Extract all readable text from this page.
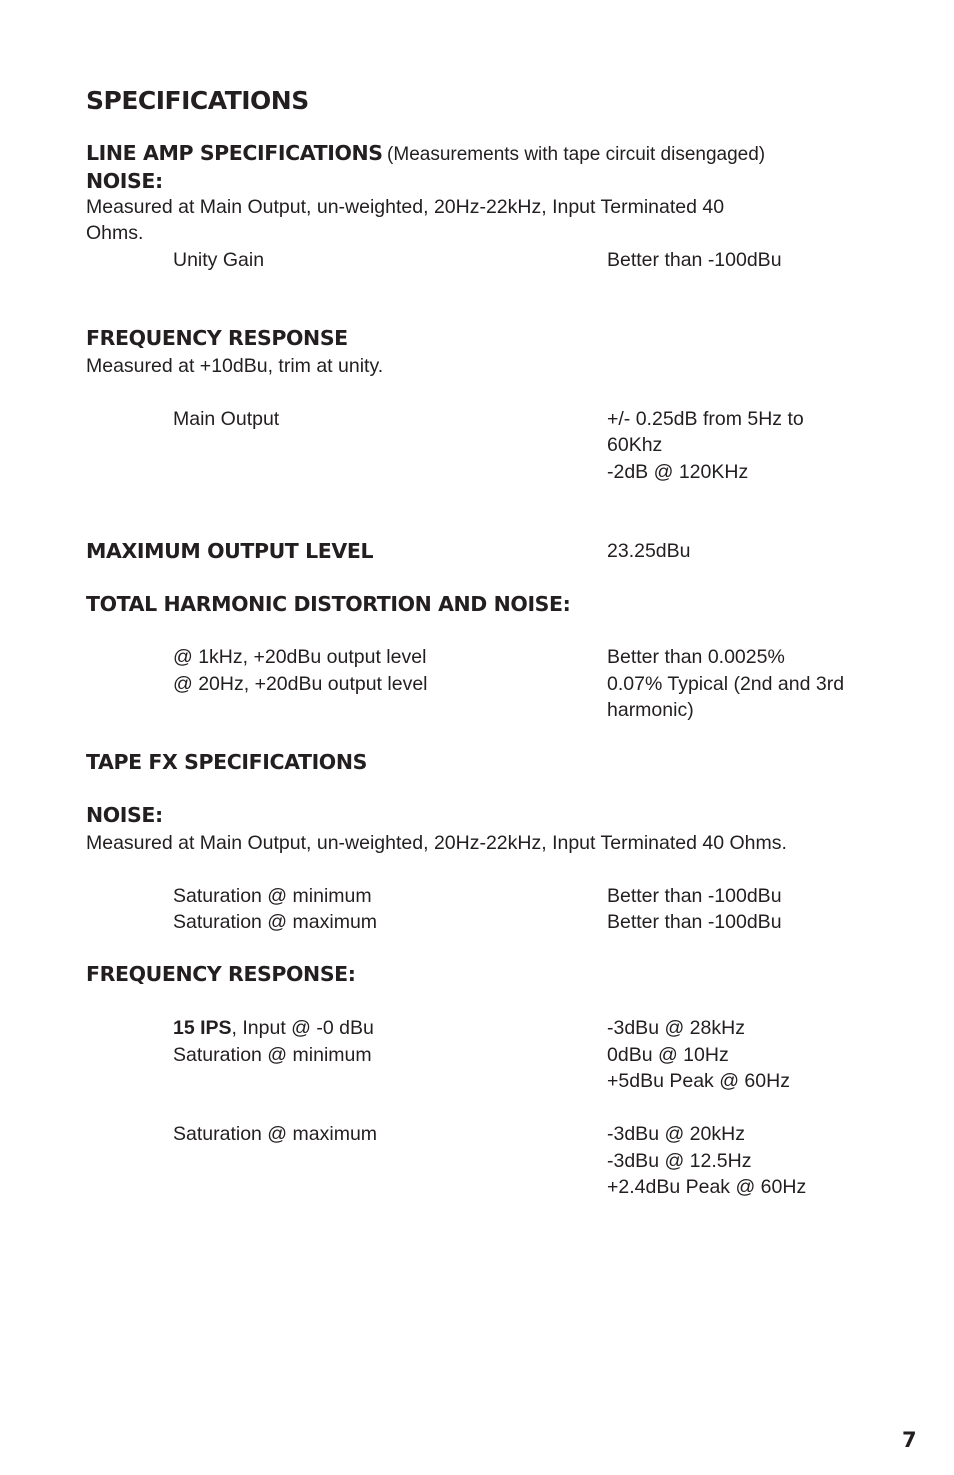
SPECIFICATIONS
LINE AMP SPECIFICATIONS (Measurements with tape circuit disengaged)
NOISE:
Measured at Main Output, un-weighted, 20Hz-22kHz, Input Terminated 40
Ohms.
Unity Gain	Better than -100dBu
FREQUENCY RESPONSE
Measured at +10dBu, trim at unity.
Main Output	+/- 0.25dB from 5Hz to
60Khz
-2dB @ 120KHz
MAXIMUM OUTPUT LEVEL	23.25dBu
TOTAL HARMONIC DISTORTION AND NOISE:
@ 1kHz, +20dBu output level	Better than 0.0025%
@ 20Hz, +20dBu output level	0.07% Typical (2nd and 3rd
harmonic)
TAPE FX SPECIFICATIONS
NOISE:
Measured at Main Output, un-weighted, 20Hz-22kHz, Input Terminated 40 Ohms.
Saturation @ minimum	Better than -100dBu
Saturation @ maximum	Better than -100dBu
FREQUENCY RESPONSE:
15 IPS, Input @ -0 dBu	-3dBu @ 28kHz
Saturation @ minimum	0dBu @ 10Hz
+5dBu Peak @ 60Hz
Saturation @ maximum	-3dBu @ 20kHz
-3dBu @ 12.5Hz
+2.4dBu Peak @ 60Hz
7
